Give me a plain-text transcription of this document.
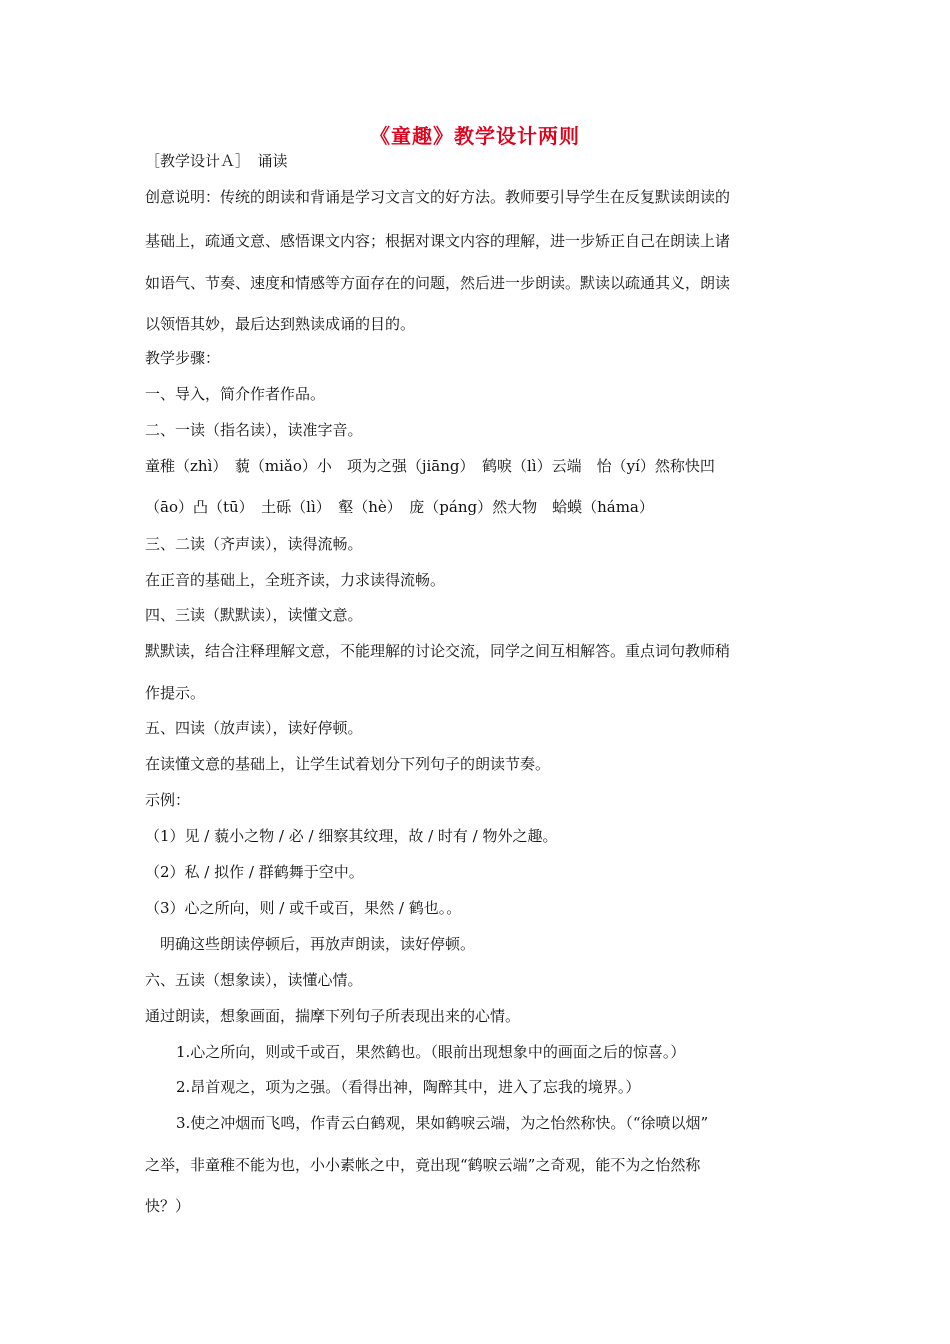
《童趣》教学设计两则
［教学设计Ａ］　诵读
创意说明：传统的朗读和背诵是学习文言文的好方法。教师要引导学生在反复默读朗读的
基础上，疏通文意、感悟课文内容；根据对课文内容的理解，进一步矫正自己在朗读上诸
如语气、节奏、速度和情感等方面存在的问题，然后进一步朗读。默读以疏通其义，朗读
以领悟其妙，最后达到熟读成诵的目的。
教学步骤：
一、导入，简介作者作品。
二、一读（指名读），读准字音。
童稚（zhì）　藐（miǎo）小　项为之强（jiāng）　鹤唳（lì）云端　怡（yí）然称快凹
（āo）凸（tū）　土砾（lì）　壑（hè）　庞（páng）然大物　蛤蟆（háma）
三、二读（齐声读），读得流畅。
在正音的基础上，全班齐读，力求读得流畅。
四、三读（默默读），读懂文意。
默默读，结合注释理解文意，不能理解的讨论交流，同学之间互相解答。重点词句教师稍
作提示。
五、四读（放声读），读好停顿。
在读懂文意的基础上，让学生试着划分下列句子的朗读节奏。
示例：
（1）见 / 藐小之物 / 必 / 细察其纹理，故 / 时有 / 物外之趣。
（2）私 / 拟作 / 群鹤舞于空中。
（3）心之所向，则 / 或千或百，果然 / 鹤也。。
明确这些朗读停顿后，再放声朗读，读好停顿。
六、五读（想象读），读懂心情。
通过朗读，想象画面，揣摩下列句子所表现出来的心情。
1.心之所向，则或千或百，果然鹤也。（眼前出现想象中的画面之后的惊喜。）
2.昂首观之，项为之强。（看得出神，陶醉其中，进入了忘我的境界。）
3.使之冲烟而飞鸣，作青云白鹤观，果如鹤唳云端，为之怡然称快。（“徐喷以烟”
之举，非童稚不能为也，小小素帐之中，竟出现“鹤唳云端”之奇观，能不为之怡然称
快？）
